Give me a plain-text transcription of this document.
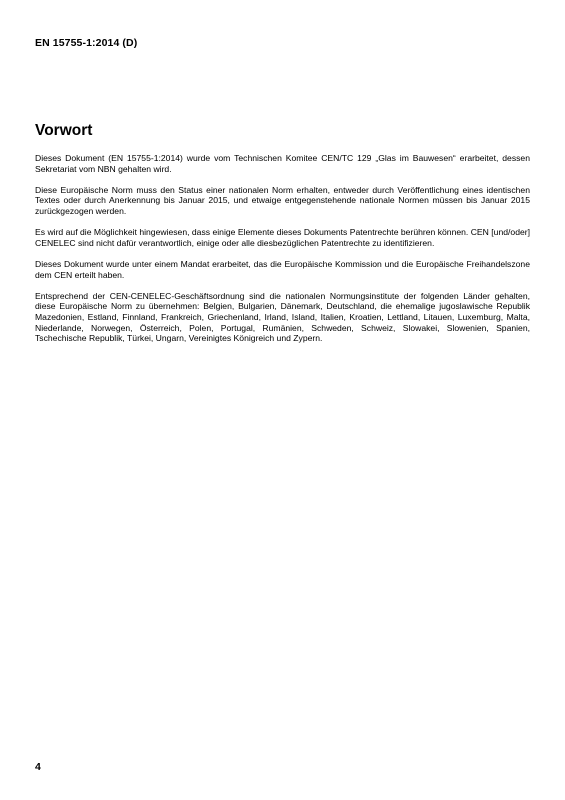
EN 15755-1:2014 (D)
Vorwort

Dieses Dokument (EN 15755-1:2014) wurde vom Technischen Komitee CEN/TC 129 „Glas im Bauwesen“ erarbeitet, dessen Sekretariat vom NBN gehalten wird.

Diese Europäische Norm muss den Status einer nationalen Norm erhalten, entweder durch Veröffentlichung eines identischen Textes oder durch Anerkennung bis Januar 2015, und etwaige entgegenstehende nationale Normen müssen bis Januar 2015 zurückgezogen werden.

Es wird auf die Möglichkeit hingewiesen, dass einige Elemente dieses Dokuments Patentrechte berühren können. CEN [und/oder] CENELEC sind nicht dafür verantwortlich, einige oder alle diesbezüglichen Patentrechte zu identifizieren.

Dieses Dokument wurde unter einem Mandat erarbeitet, das die Europäische Kommission und die Europäische Freihandelszone dem CEN erteilt haben.

Entsprechend der CEN-CENELEC-Geschäftsordnung sind die nationalen Normungsinstitute der folgenden Länder gehalten, diese Europäische Norm zu übernehmen: Belgien, Bulgarien, Dänemark, Deutschland, die ehemalige jugoslawische Republik Mazedonien, Estland, Finnland, Frankreich, Griechenland, Irland, Island, Italien, Kroatien, Lettland, Litauen, Luxemburg, Malta, Niederlande, Norwegen, Österreich, Polen, Portugal, Rumänien, Schweden, Schweiz, Slowakei, Slowenien, Spanien, Tschechische Republik, Türkei, Ungarn, Vereinigtes Königreich und Zypern.

4
